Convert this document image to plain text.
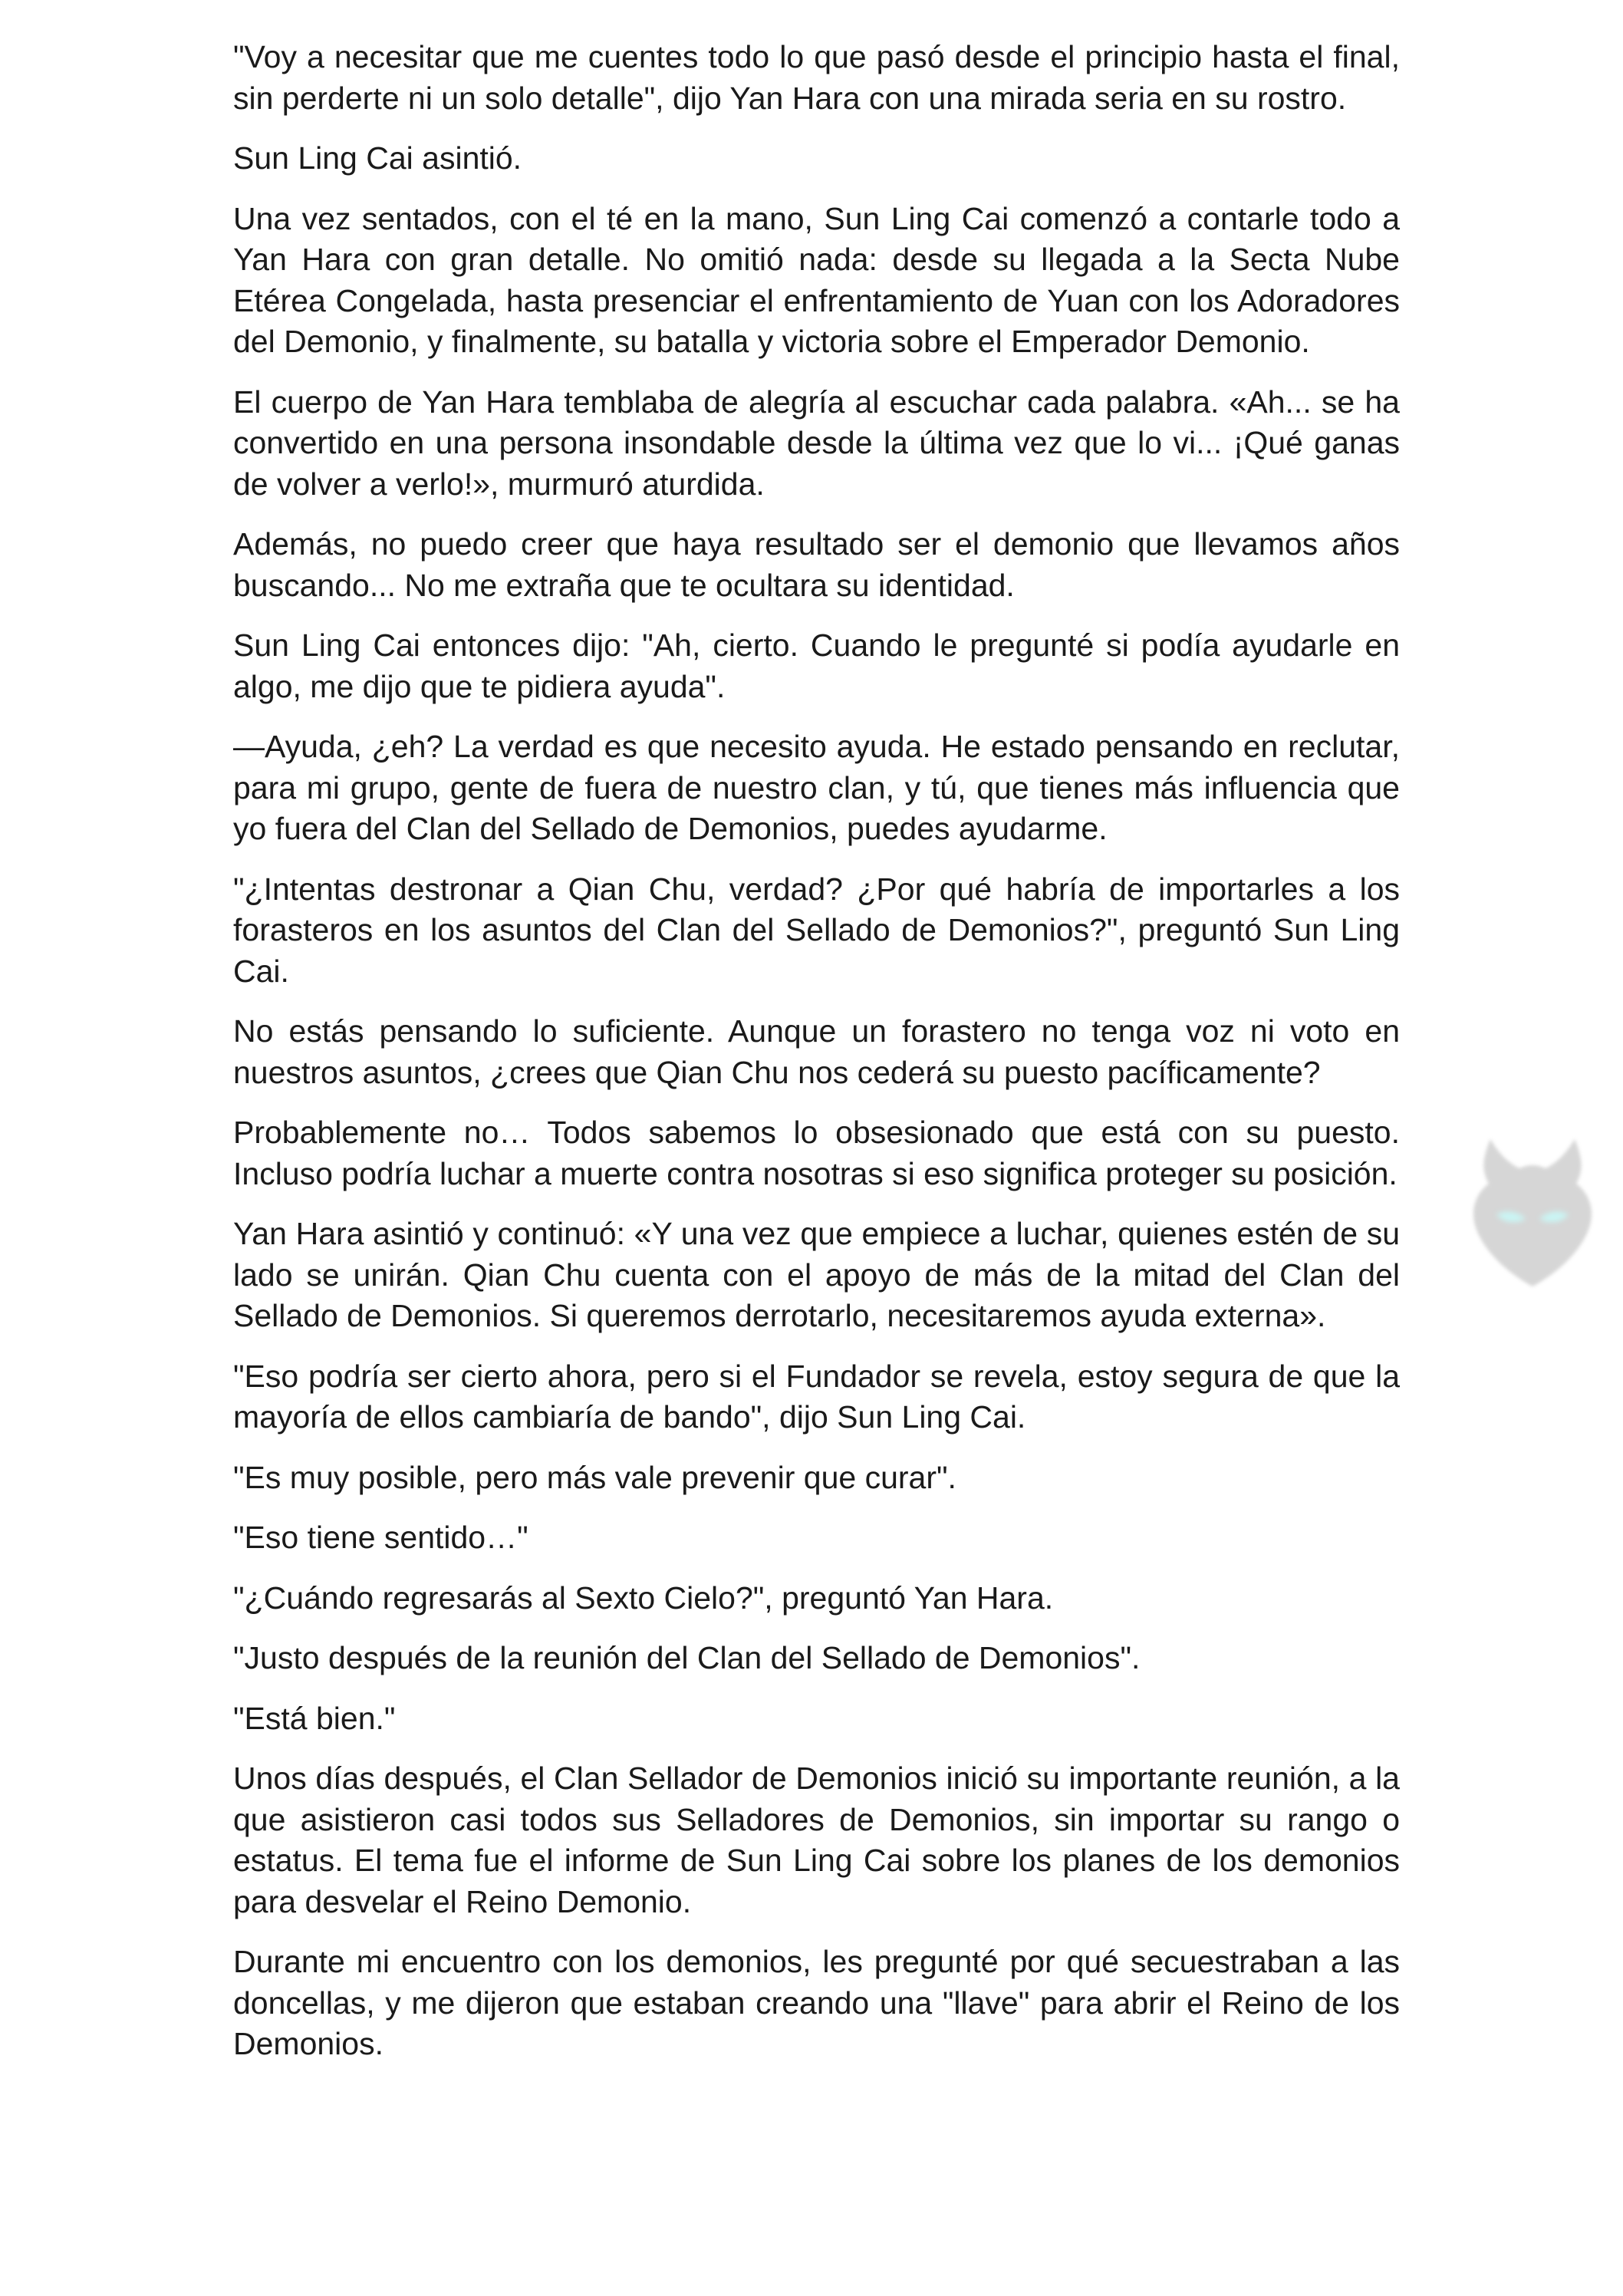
"Voy a necesitar que me cuentes todo lo que pasó desde el principio hasta el final, sin perderte ni un solo detalle", dijo Yan Hara con una mirada seria en su rostro.

Sun Ling Cai asintió.

Una vez sentados, con el té en la mano, Sun Ling Cai comenzó a contarle todo a Yan Hara con gran detalle. No omitió nada: desde su llegada a la Secta Nube Etérea Congelada, hasta presenciar el enfrentamiento de Yuan con los Adoradores del Demonio, y finalmente, su batalla y victoria sobre el Emperador Demonio.

El cuerpo de Yan Hara temblaba de alegría al escuchar cada palabra. «Ah... se ha convertido en una persona insondable desde la última vez que lo vi... ¡Qué ganas de volver a verlo!», murmuró aturdida.

Además, no puedo creer que haya resultado ser el demonio que llevamos años buscando... No me extraña que te ocultara su identidad.

Sun Ling Cai entonces dijo: "Ah, cierto. Cuando le pregunté si podía ayudarle en algo, me dijo que te pidiera ayuda".

—Ayuda, ¿eh? La verdad es que necesito ayuda. He estado pensando en reclutar, para mi grupo, gente de fuera de nuestro clan, y tú, que tienes más influencia que yo fuera del Clan del Sellado de Demonios, puedes ayudarme.

"¿Intentas destronar a Qian Chu, verdad? ¿Por qué habría de importarles a los forasteros en los asuntos del Clan del Sellado de Demonios?", preguntó Sun Ling Cai.

No estás pensando lo suficiente. Aunque un forastero no tenga voz ni voto en nuestros asuntos, ¿crees que Qian Chu nos cederá su puesto pacíficamente?

Probablemente no… Todos sabemos lo obsesionado que está con su puesto. Incluso podría luchar a muerte contra nosotras si eso significa proteger su posición.

Yan Hara asintió y continuó: «Y una vez que empiece a luchar, quienes estén de su lado se unirán. Qian Chu cuenta con el apoyo de más de la mitad del Clan del Sellado de Demonios. Si queremos derrotarlo, necesitaremos ayuda externa».

"Eso podría ser cierto ahora, pero si el Fundador se revela, estoy segura de que la mayoría de ellos cambiaría de bando", dijo Sun Ling Cai.

"Es muy posible, pero más vale prevenir que curar".

"Eso tiene sentido…"

"¿Cuándo regresarás al Sexto Cielo?", preguntó Yan Hara.

"Justo después de la reunión del Clan del Sellado de Demonios".

"Está bien."

Unos días después, el Clan Sellador de Demonios inició su importante reunión, a la que asistieron casi todos sus Selladores de Demonios, sin importar su rango o estatus. El tema fue el informe de Sun Ling Cai sobre los planes de los demonios para desvelar el Reino Demonio.

Durante mi encuentro con los demonios, les pregunté por qué secuestraban a las doncellas, y me dijeron que estaban creando una "llave" para abrir el Reino de los Demonios.
